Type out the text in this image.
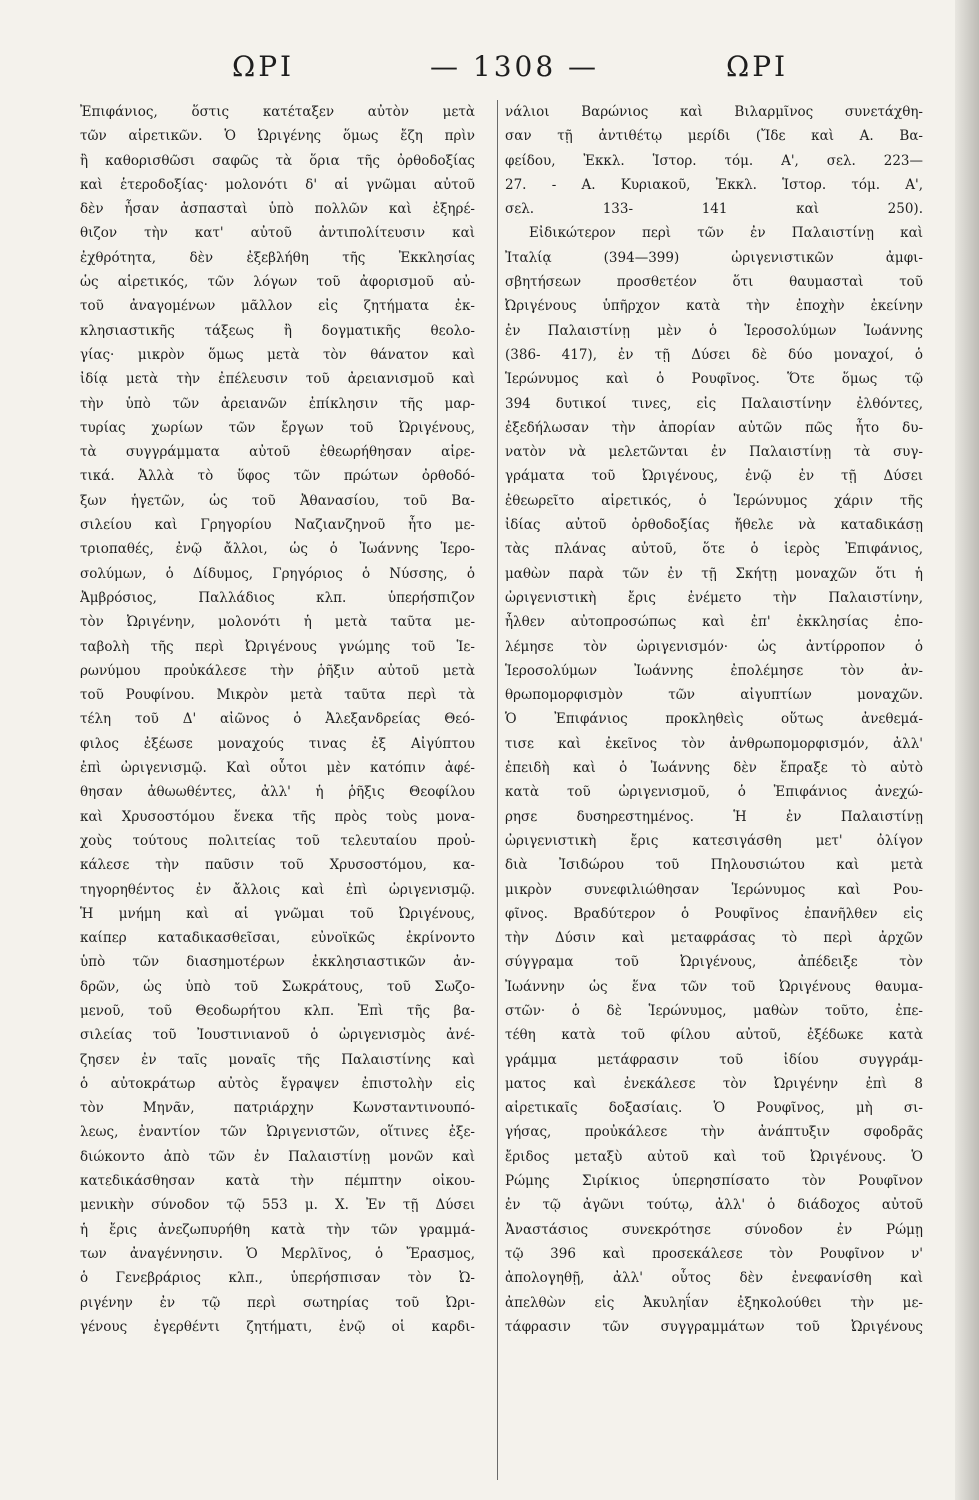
ΩΡΙ	— 1308 —	ΩΡΙ
Ἐπιφάνιος, ὅστις κατέταξεν αὐτὸν μετὰ
τῶν αἱρετικῶν. Ὁ Ὠριγένης ὅμως ἔζη πρὶν
ἢ καθορισθῶσι σαφῶς τὰ ὅρια τῆς ὀρθοδοξίας
καὶ ἑτεροδοξίας· μολονότι δ' αἱ γνῶμαι αὐτοῦ
δὲν ἦσαν ἀσπασταὶ ὑπὸ πολλῶν καὶ ἐξηρέ-
θιζον τὴν κατ' αὐτοῦ ἀντιπολίτευσιν καὶ
ἐχθρότητα, δὲν ἐξεβλήθη τῆς Ἐκκλησίας
ὡς αἱρετικός, τῶν λόγων τοῦ ἀφορισμοῦ αὐ-
τοῦ ἀναγομένων μᾶλλον εἰς ζητήματα ἐκ-
κλησιαστικῆς τάξεως ἢ δογματικῆς θεολο-
γίας· μικρὸν ὅμως μετὰ τὸν θάνατον καὶ
ἰδίᾳ μετὰ τὴν ἐπέλευσιν τοῦ ἀρειανισμοῦ καὶ
τὴν ὑπὸ τῶν ἀρειανῶν ἐπίκλησιν τῆς μαρ-
τυρίας χωρίων τῶν ἔργων τοῦ Ὠριγένους,
τὰ συγγράμματα αὐτοῦ ἐθεωρήθησαν αἱρε-
τικά. Ἀλλὰ τὸ ὕφος τῶν πρώτων ὀρθοδό-
ξων ἡγετῶν, ὡς τοῦ Ἀθανασίου, τοῦ Βα-
σιλείου καὶ Γρηγορίου Ναζιανζηνοῦ ἦτο με-
τριοπαθές, ἐνῷ ἄλλοι, ὡς ὁ Ἰωάννης Ἱερο-
σολύμων, ὁ Δίδυμος, Γρηγόριος ὁ Νύσσης, ὁ
Ἀμβρόσιος, Παλλάδιος κλπ. ὑπερήσπιζον
τὸν Ὠριγένην, μολονότι ἡ μετὰ ταῦτα με-
ταβολὴ τῆς περὶ Ὠριγένους γνώμης τοῦ Ἱε-
ρωνύμου προὐκάλεσε τὴν ῥῆξιν αὐτοῦ μετὰ
τοῦ Ρουφίνου. Μικρὸν μετὰ ταῦτα περὶ τὰ
τέλη τοῦ Δ' αἰῶνος ὁ Ἀλεξανδρείας Θεό-
φιλος ἐξέωσε μοναχούς τινας ἐξ Αἰγύπτου
ἐπὶ ὠριγενισμῷ. Καὶ οὗτοι μὲν κατόπιν ἀφέ-
θησαν ἀθωωθέντες, ἀλλ' ἡ ῥῆξις Θεοφίλου
καὶ Χρυσοστόμου ἕνεκα τῆς πρὸς τοὺς μονα-
χοὺς τούτους πολιτείας τοῦ τελευταίου προὐ-
κάλεσε τὴν παῦσιν τοῦ Χρυσοστόμου, κα-
τηγορηθέντος ἐν ἄλλοις καὶ ἐπὶ ὠριγενισμῷ.
Ἡ μνήμη καὶ αἱ γνῶμαι τοῦ Ὠριγένους,
καίπερ καταδικασθεῖσαι, εὐνοϊκῶς ἐκρίνοντο
ὑπὸ τῶν διασημοτέρων ἐκκλησιαστικῶν ἀν-
δρῶν, ὡς ὑπὸ τοῦ Σωκράτους, τοῦ Σωζο-
μενοῦ, τοῦ Θεοδωρήτου κλπ. Ἐπὶ τῆς βα-
σιλείας τοῦ Ἰουστινιανοῦ ὁ ὠριγενισμὸς ἀνέ-
ζησεν ἐν ταῖς μοναῖς τῆς Παλαιστίνης καὶ
ὁ αὐτοκράτωρ αὐτὸς ἔγραψεν ἐπιστολὴν εἰς
τὸν Μηνᾶν, πατριάρχην Κωνσταντινουπό-
λεως, ἐναντίον τῶν Ὠριγενιστῶν, οἵτινες ἐξε-
διώκοντο ἀπὸ τῶν ἐν Παλαιστίνῃ μονῶν καὶ
κατεδικάσθησαν κατὰ τὴν πέμπτην οἰκου-
μενικὴν σύνοδον τῷ 553 μ. Χ. Ἐν τῇ Δύσει
ἡ ἔρις ἀνεζωπυρήθη κατὰ τὴν τῶν γραμμά-
των ἀναγέννησιν. Ὁ Μερλῖνος, ὁ Ἔρασμος,
ὁ Γενεβράριος κλπ., ὑπερήσπισαν τὸν Ὠ-
ριγένην ἐν τῷ περὶ σωτηρίας τοῦ Ὠρι-
γένους ἐγερθέντι ζητήματι, ἐνῷ οἱ καρδι-
νάλιοι Βαρώνιος καὶ Βιλαρμῖνος συνετάχθη-
σαν τῇ ἀντιθέτῳ μερίδι (Ἴδε καὶ Α. Βα-
φείδου, Ἐκκλ. Ἱστορ. τόμ. Α', σελ. 223—
27. - Α. Κυριακοῦ, Ἐκκλ. Ἱστορ. τόμ. Α',
σελ. 133- 141 καὶ 250).
Εἰδικώτερον περὶ τῶν ἐν Παλαιστίνῃ καὶ
Ἰταλίᾳ (394—399) ὠριγενιστικῶν ἀμφι-
σβητήσεων προσθετέον ὅτι θαυμασταὶ τοῦ
Ὠριγένους ὑπῆρχον κατὰ τὴν ἐποχὴν ἐκείνην
ἐν Παλαιστίνῃ μὲν ὁ Ἱεροσολύμων Ἰωάννης
(386- 417), ἐν τῇ Δύσει δὲ δύο μοναχοί, ὁ
Ἱερώνυμος καὶ ὁ Ρουφῖνος. Ὅτε ὅμως τῷ
394 δυτικοί τινες, εἰς Παλαιστίνην ἐλθόντες,
ἐξεδήλωσαν τὴν ἀπορίαν αὐτῶν πῶς ἦτο δυ-
νατὸν νὰ μελετῶνται ἐν Παλαιστίνῃ τὰ συγ-
γράματα τοῦ Ὠριγένους, ἐνῷ ἐν τῇ Δύσει
ἐθεωρεῖτο αἱρετικός, ὁ Ἱερώνυμος χάριν τῆς
ἰδίας αὐτοῦ ὀρθοδοξίας ἤθελε νὰ καταδικάσῃ
τὰς πλάνας αὐτοῦ, ὅτε ὁ ἱερὸς Ἐπιφάνιος,
μαθὼν παρὰ τῶν ἐν τῇ Σκήτῃ μοναχῶν ὅτι ἡ
ὠριγενιστικὴ ἔρις ἐνέμετο τὴν Παλαιστίνην,
ἦλθεν αὐτοπροσώπως καὶ ἐπ' ἐκκλησίας ἐπο-
λέμησε τὸν ὠριγενισμόν· ὡς ἀντίρροπον ὁ
Ἱεροσολύμων Ἰωάννης ἐπολέμησε τὸν ἀν-
θρωπομορφισμὸν τῶν αἰγυπτίων μοναχῶν.
Ὁ Ἐπιφάνιος προκληθεὶς οὕτως ἀνεθεμά-
τισε καὶ ἐκεῖνος τὸν ἀνθρωπομορφισμόν, ἀλλ'
ἐπειδὴ καὶ ὁ Ἰωάννης δὲν ἔπραξε τὸ αὐτὸ
κατὰ τοῦ ὠριγενισμοῦ, ὁ Ἐπιφάνιος ἀνεχώ-
ρησε δυσηρεστημένος. Ἡ ἐν Παλαιστίνῃ
ὠριγενιστικὴ ἔρις κατεσιγάσθη μετ' ὀλίγον
διὰ Ἰσιδώρου τοῦ Πηλουσιώτου καὶ μετὰ
μικρὸν συνεφιλιώθησαν Ἱερώνυμος καὶ Ρου-
φῖνος. Βραδύτερον ὁ Ρουφῖνος ἐπανῆλθεν εἰς
τὴν Δύσιν καὶ μεταφράσας τὸ περὶ ἀρχῶν
σύγγραμα τοῦ Ὠριγένους, ἀπέδειξε τὸν
Ἰωάννην ὡς ἕνα τῶν τοῦ Ὠριγένους θαυμα-
στῶν· ὁ δὲ Ἱερώνυμος, μαθὼν τοῦτο, ἐπε-
τέθη κατὰ τοῦ φίλου αὐτοῦ, ἐξέδωκε κατὰ
γράμμα μετάφρασιν τοῦ ἰδίου συγγράμ-
ματος καὶ ἐνεκάλεσε τὸν Ὠριγένην ἐπὶ 8
αἱρετικαῖς δοξασίαις. Ὁ Ρουφῖνος, μὴ σι-
γήσας, προὐκάλεσε τὴν ἀνάπτυξιν σφοδρᾶς
ἔριδος μεταξὺ αὐτοῦ καὶ τοῦ Ὠριγένους. Ὁ
Ρώμης Σιρίκιος ὑπερησπίσατο τὸν Ρουφῖνον
ἐν τῷ ἀγῶνι τούτῳ, ἀλλ' ὁ διάδοχος αὐτοῦ
Ἀναστάσιος συνεκρότησε σύνοδον ἐν Ρώμῃ
τῷ 396 καὶ προσεκάλεσε τὸν Ρουφῖνον ν'
ἀπολογηθῇ, ἀλλ' οὗτος δὲν ἐνεφανίσθη καὶ
ἀπελθὼν εἰς Ἀκυληΐαν ἐξηκολούθει τὴν με-
τάφρασιν τῶν συγγραμμάτων τοῦ Ὠριγένους
